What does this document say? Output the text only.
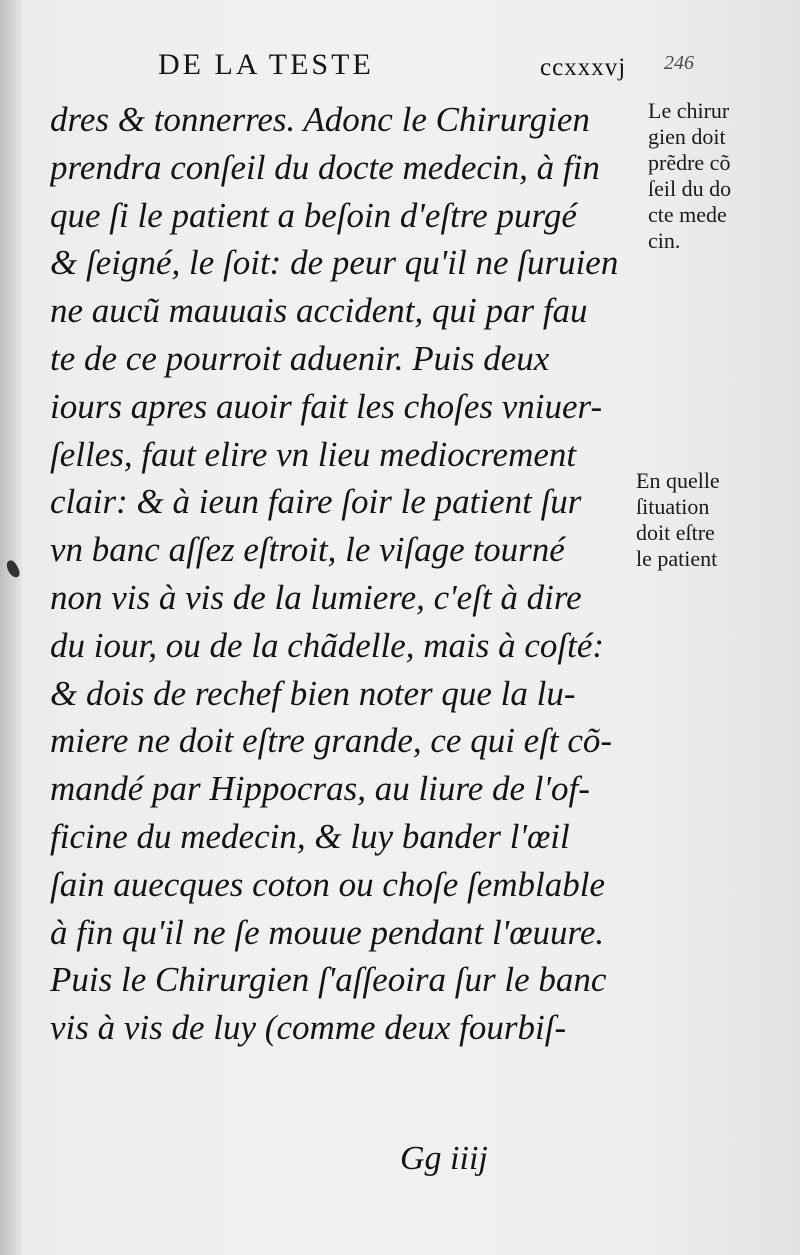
DE LA TESTE	ccxxxvj 246
dres & tonnerres. Adonc le Chirurgien
prendra conſeil du docte medecin, à fin
que ſi le patient a beſoin d'eſtre purgé
& ſeigné, le ſoit: de peur qu'il ne ſuruien
ne aucũ mauuais accident, qui par fau
te de ce pourroit aduenir. Puis deux
iours apres auoir fait les choſes vniuer-
ſelles, faut elire vn lieu mediocrement
clair: & à ieun faire ſoir le patient ſur
vn banc aſſez eſtroit, le viſage tourné
non vis à vis de la lumiere, c'eſt à dire
du iour, ou de la chãdelle, mais à coſté:
& dois de rechef bien noter que la lu-
miere ne doit eſtre grande, ce qui eſt cõ-
mandé par Hippocras, au liure de l'of-
ficine du medecin, & luy bander l'œil
ſain auecques coton ou choſe ſemblable
à fin qu'il ne ſe mouue pendant l'œuure.
Puis le Chirurgien ſ'aſſeoira ſur le banc
vis à vis de luy (comme deux fourbiſ-
Le chirur
gien doit
prẽdre cõ
ſeil du do
cte mede
cin.
En quelle
ſituation
doit eſtre
le patient
Gg iiij
